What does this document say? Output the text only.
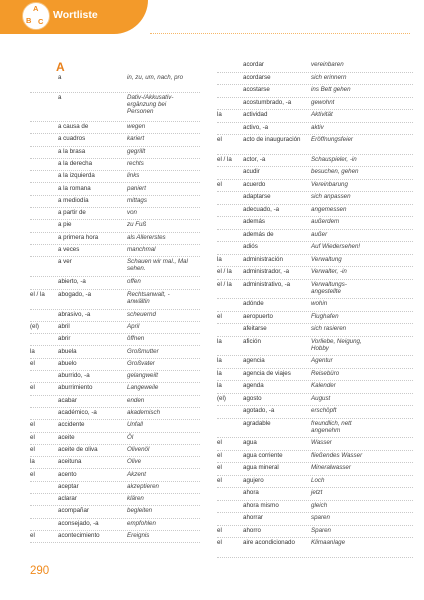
A
B C
Wortliste
A
a	in, zu, um, nach, pro
a	Dativ-/Akkusativ-ergänzung bei Personen
a causa de	wegen
a cuadros	kariert
a la brasa	gegrillt
a la derecha	rechts
a la izquierda	links
a la romana	paniert
a mediodía	mittags
a partir de	von
a pie	zu Fuß
a primera hora	als Allererstes
a veces	manchmal
a ver	Schauen wir mal., Mal sehen.
abierto, -a	offen
el / la abogado, -a	Rechtsanwalt, -anwältin
abrasivo, -a	scheuernd
(el)	abril	April
abrir	öffnen
la	abuela	Großmutter
el	abuelo	Großvater
aburrido, -a	gelangweilt
el	aburrimiento	Langeweile
acabar	enden
académico, -a	akademisch
el	accidente	Unfall
el	aceite	Öl
el	aceite de oliva	Olivenöl
la	aceituna	Olive
el	acento	Akzent
aceptar	akzeptieren
aclarar	klären
acompañar	begleiten
aconsejado, -a	empfohlen
el	acontecimiento	Ereignis
acordar	vereinbaren
acordarse	sich erinnern
acostarse	ins Bett gehen
acostumbrado, -a	gewohnt
la	actividad	Aktivität
activo, -a	aktiv
el	acto de inauguración	Eröffnungsfeier
el / la actor, -a	Schauspieler, -in
acudir	besuchen, gehen
el	acuerdo	Vereinbarung
adaptarse	sich anpassen
adecuado, -a	angemessen
además	außerdem
además de	außer
adiós	Auf Wiedersehen!
la	administración	Verwaltung
el / la administrador, -a	Verwalter, -in
el / la administrativo, -a	Verwaltungs-angestellte
adónde	wohin
el	aeropuerto	Flughafen
afeitarse	sich rasieren
la	afición	Vorliebe, Neigung, Hobby
la	agencia	Agentur
la	agencia de viajes	Reisebüro
la	agenda	Kalender
(el)	agosto	August
agotado, -a	erschöpft
agradable	freundlich, nett angenehm
el	agua	Wasser
el	agua corriente	fließendes Wasser
el	agua mineral	Mineralwasser
el	agujero	Loch
ahora	jetzt
ahora mismo	gleich
ahorrar	sparen
el	ahorro	Sparen
el	aire acondicionado	Klimaanlage
290
